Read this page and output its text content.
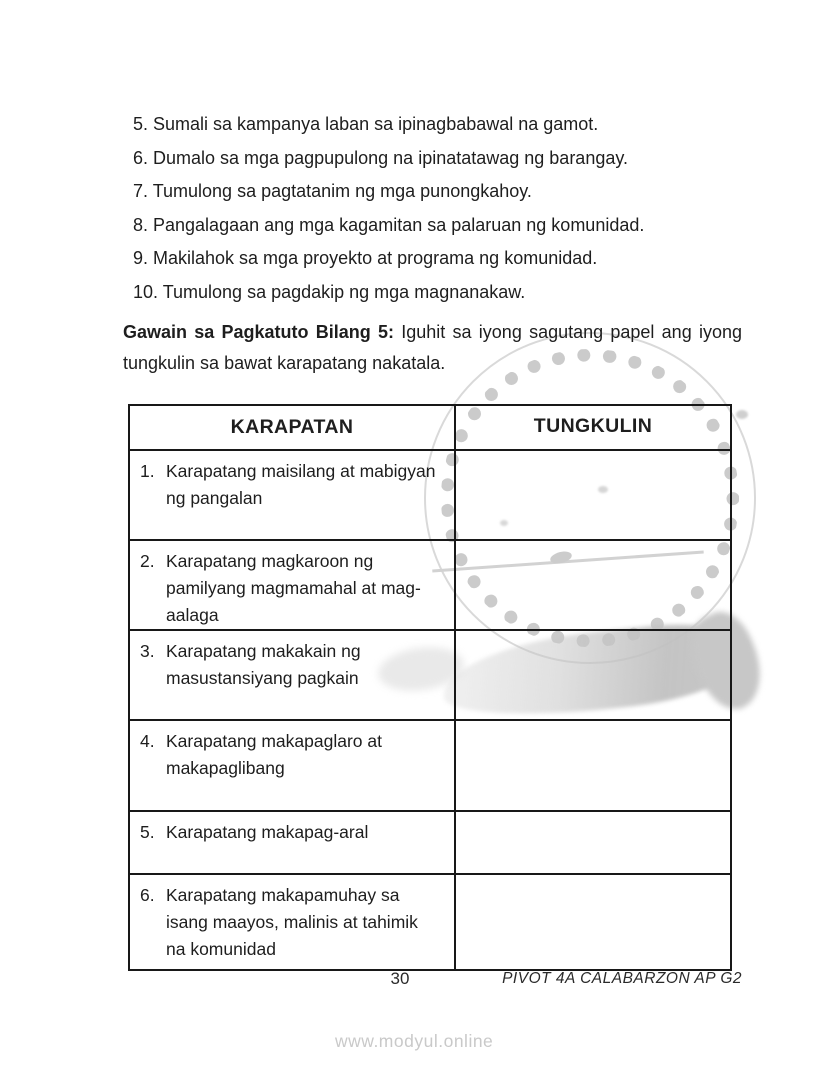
5. Sumali sa kampanya laban sa ipinagbabawal na gamot.
6. Dumalo sa mga pagpupulong na ipinatatawag ng barangay.
7. Tumulong sa pagtatanim ng mga punongkahoy.
8. Pangalagaan ang mga kagamitan sa palaruan ng komunidad.
9. Makilahok sa mga proyekto at programa ng komunidad.
10. Tumulong sa pagdakip ng mga magnanakaw.

Gawain sa Pagkatuto Bilang 5: Iguhit sa iyong sagutang papel ang iyong tungkulin sa bawat karapatang nakatala.

KARAPATAN	TUNGKULIN
1. Karapatang maisilang at mabigyan ng pangalan	
2. Karapatang magkaroon ng pamilyang magmamahal at mag-aalaga	
3. Karapatang makakain ng masustansiyang pagkain	
4. Karapatang makapaglaro at makapaglibang	
5. Karapatang makapag-aral	
6. Karapatang makapamuhay sa isang maayos, malinis at tahimik na komunidad	
30	PIVOT 4A CALABARZON AP G2
www.modyul.online
